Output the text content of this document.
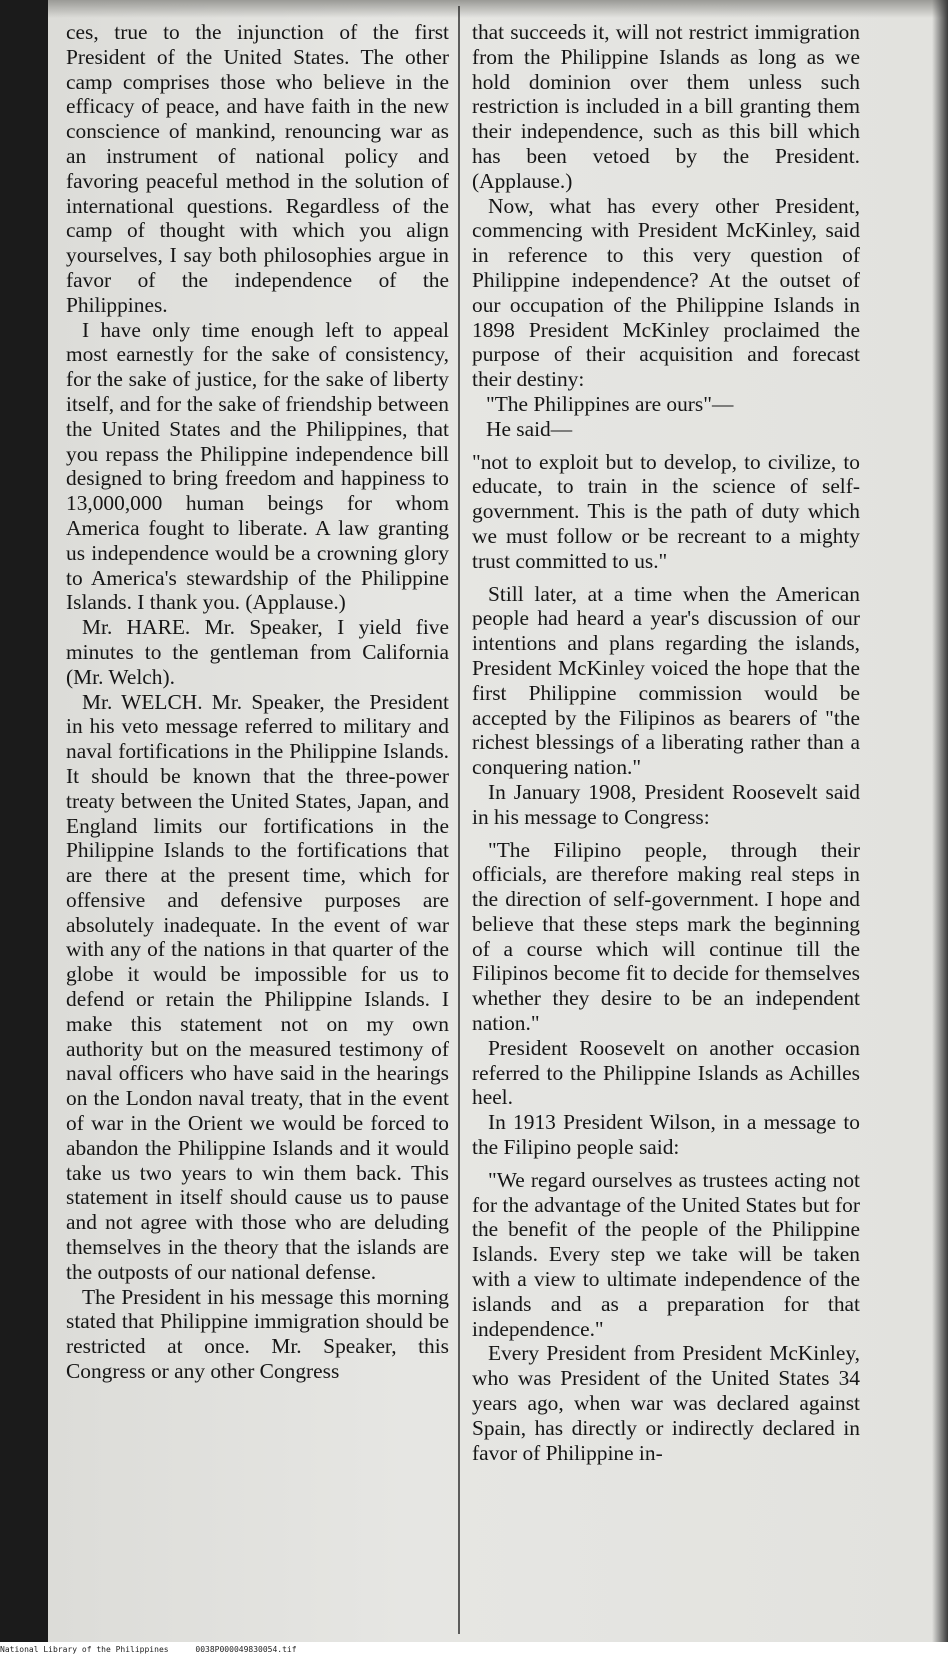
ces, true to the injunction of the first President of the United States. The other camp comprises those who believe in the efficacy of peace, and have faith in the new conscience of mankind, renouncing war as an instrument of national policy and favoring peaceful method in the solution of international questions. Regardless of the camp of thought with which you align yourselves, I say both philosophies argue in favor of the independence of the Philippines.

I have only time enough left to appeal most earnestly for the sake of consistency, for the sake of justice, for the sake of liberty itself, and for the sake of friendship between the United States and the Philippines, that you repass the Philippine independence bill designed to bring freedom and happiness to 13,000,000 human beings for whom America fought to liberate. A law granting us independence would be a crowning glory to America's stewardship of the Philippine Islands. I thank you. (Applause.)

Mr. HARE. Mr. Speaker, I yield five minutes to the gentleman from California (Mr. Welch).

Mr. WELCH. Mr. Speaker, the President in his veto message referred to military and naval fortifications in the Philippine Islands. It should be known that the three-power treaty between the United States, Japan, and England limits our fortifications in the Philippine Islands to the fortifications that are there at the present time, which for offensive and defensive purposes are absolutely inadequate. In the event of war with any of the nations in that quarter of the globe it would be impossible for us to defend or retain the Philippine Islands. I make this statement not on my own authority but on the measured testimony of naval officers who have said in the hearings on the London naval treaty, that in the event of war in the Orient we would be forced to abandon the Philippine Islands and it would take us two years to win them back. This statement in itself should cause us to pause and not agree with those who are deluding themselves in the theory that the islands are the outposts of our national defense.

The President in his message this morning stated that Philippine immigration should be restricted at once. Mr. Speaker, this Congress or any other Congress

that succeeds it, will not restrict immigration from the Philippine Islands as long as we hold dominion over them unless such restriction is included in a bill granting them their independence, such as this bill which has been vetoed by the President. (Applause.)

Now, what has every other President, commencing with President McKinley, said in reference to this very question of Philippine independence? At the outset of our occupation of the Philippine Islands in 1898 President McKinley proclaimed the purpose of their acquisition and forecast their destiny:

"The Philippines are ours"—

He said—

"not to exploit but to develop, to civilize, to educate, to train in the science of self-government. This is the path of duty which we must follow or be recreant to a mighty trust committed to us."

Still later, at a time when the American people had heard a year's discussion of our intentions and plans regarding the islands, President McKinley voiced the hope that the first Philippine commission would be accepted by the Filipinos as bearers of "the richest blessings of a liberating rather than a conquering nation."

In January 1908, President Roosevelt said in his message to Congress:

"The Filipino people, through their officials, are therefore making real steps in the direction of self-government. I hope and believe that these steps mark the beginning of a course which will continue till the Filipinos become fit to decide for themselves whether they desire to be an independent nation."

President Roosevelt on another occasion referred to the Philippine Islands as Achilles heel.

In 1913 President Wilson, in a message to the Filipino people said:

"We regard ourselves as trustees acting not for the advantage of the United States but for the benefit of the people of the Philippine Islands. Every step we take will be taken with a view to ultimate independence of the islands and as a preparation for that independence."

Every President from President McKinley, who was President of the United States 34 years ago, when war was declared against Spain, has directly or indirectly declared in favor of Philippine in-

National Library of the Philippines	0038P000049830054.tif
